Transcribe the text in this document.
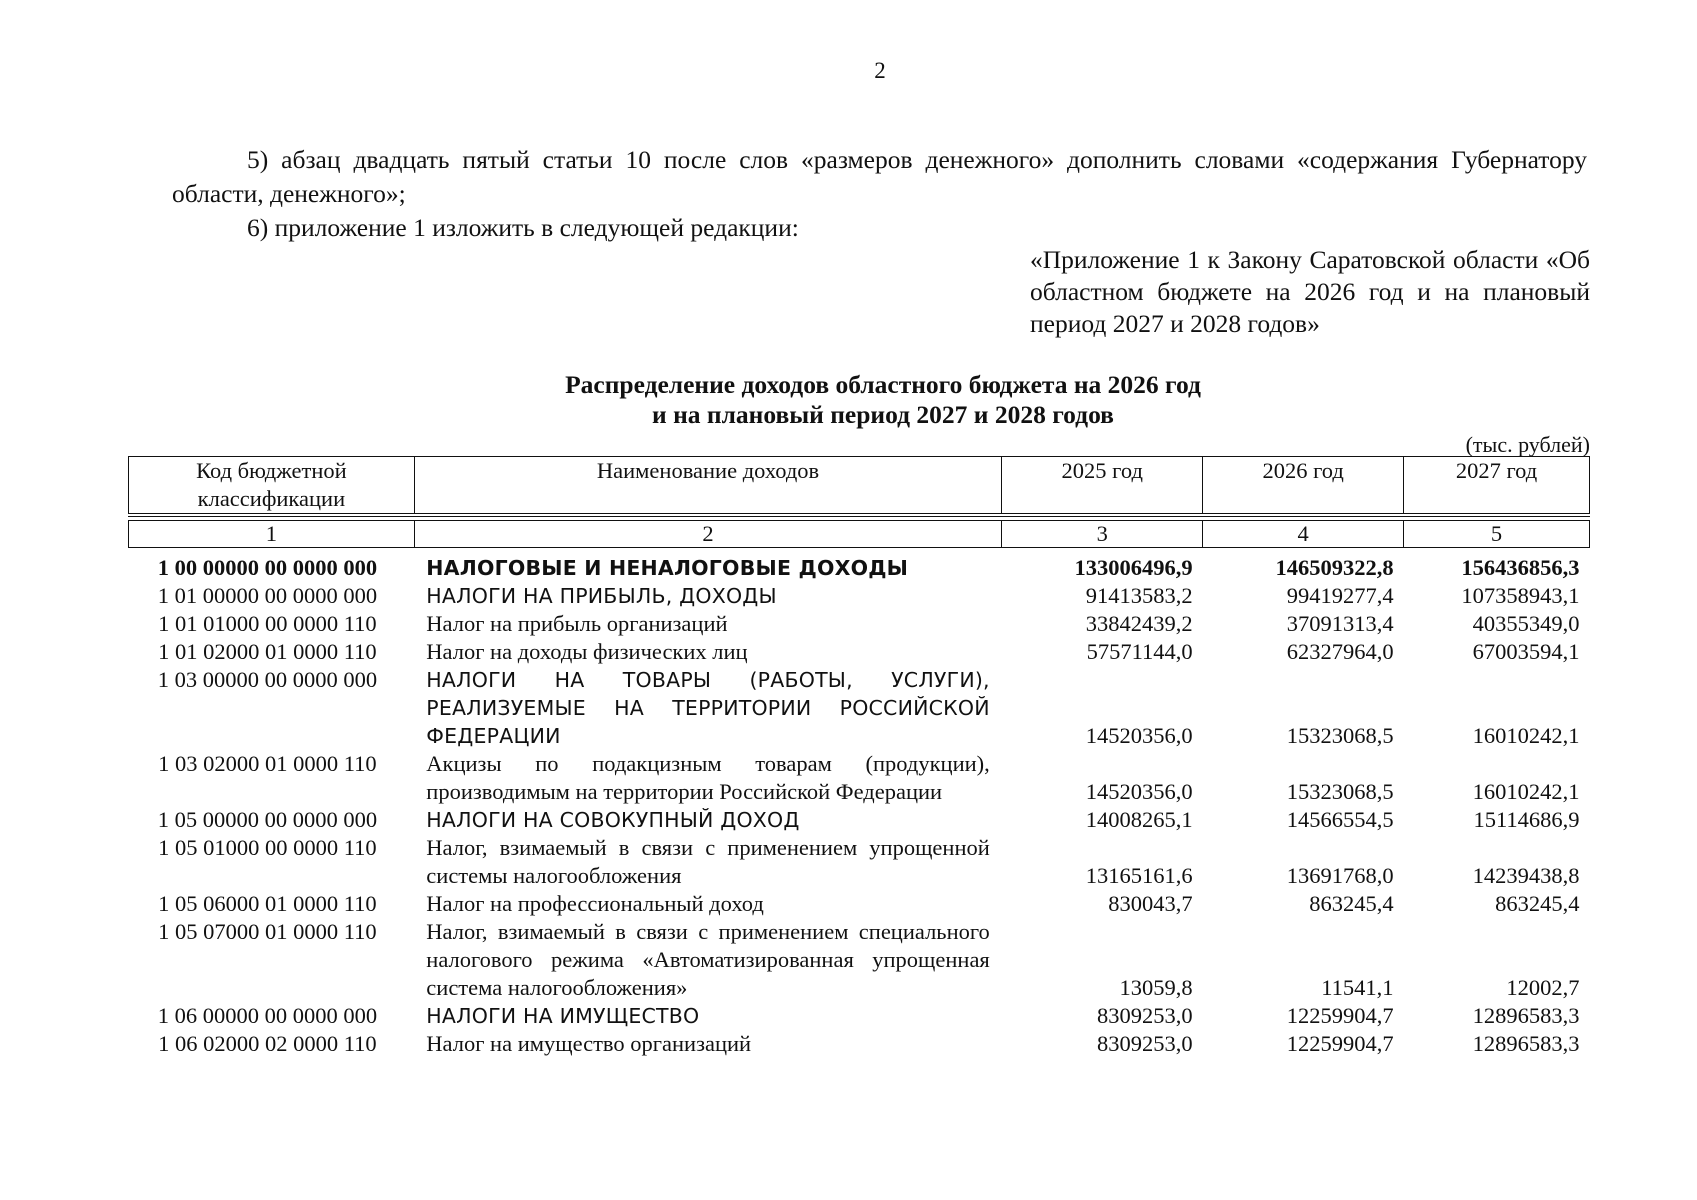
2
5) абзац двадцать пятый статьи 10 после слов «размеров денежного» дополнить словами «содержания Губернатору области, денежного»;
6) приложение 1 изложить в следующей редакции:
«Приложение 1 к Закону Саратовской области «Об областном бюджете на 2026 год и на плановый период 2027 и 2028 годов»
Распределение доходов областного бюджета на 2026 год
и на плановый период 2027 и 2028 годов
(тыс. рублей)
Код бюджетной классификации	Наименование доходов	2025 год	2026 год	2027 год

1	2	3	4	5
1 00 00000 00 0000 000	НАЛОГОВЫЕ И НЕНАЛОГОВЫЕ ДОХОДЫ	133006496,9	146509322,8	156436856,3
1 01 00000 00 0000 000	НАЛОГИ НА ПРИБЫЛЬ, ДОХОДЫ	91413583,2	99419277,4	107358943,1
1 01 01000 00 0000 110	Налог на прибыль организаций	33842439,2	37091313,4	40355349,0
1 01 02000 01 0000 110	Налог на доходы физических лиц	57571144,0	62327964,0	67003594,1
1 03 00000 00 0000 000	НАЛОГИ НА ТОВАРЫ (РАБОТЫ, УСЛУГИ), РЕАЛИЗУЕМЫЕ НА ТЕРРИТОРИИ РОССИЙСКОЙ ФЕДЕРАЦИИ	14520356,0	15323068,5	16010242,1
1 03 02000 01 0000 110	Акцизы по подакцизным товарам (продукции), производимым на территории Российской Федерации	14520356,0	15323068,5	16010242,1
1 05 00000 00 0000 000	НАЛОГИ НА СОВОКУПНЫЙ ДОХОД	14008265,1	14566554,5	15114686,9
1 05 01000 00 0000 110	Налог, взимаемый в связи с применением упрощенной системы налогообложения	13165161,6	13691768,0	14239438,8
1 05 06000 01 0000 110	Налог на профессиональный доход	830043,7	863245,4	863245,4
1 05 07000 01 0000 110	Налог, взимаемый в связи с применением специального налогового режима «Автоматизированная упрощенная система налогообложения»	13059,8	11541,1	12002,7
1 06 00000 00 0000 000	НАЛОГИ НА ИМУЩЕСТВО	8309253,0	12259904,7	12896583,3
1 06 02000 02 0000 110	Налог на имущество организаций	8309253,0	12259904,7	12896583,3
